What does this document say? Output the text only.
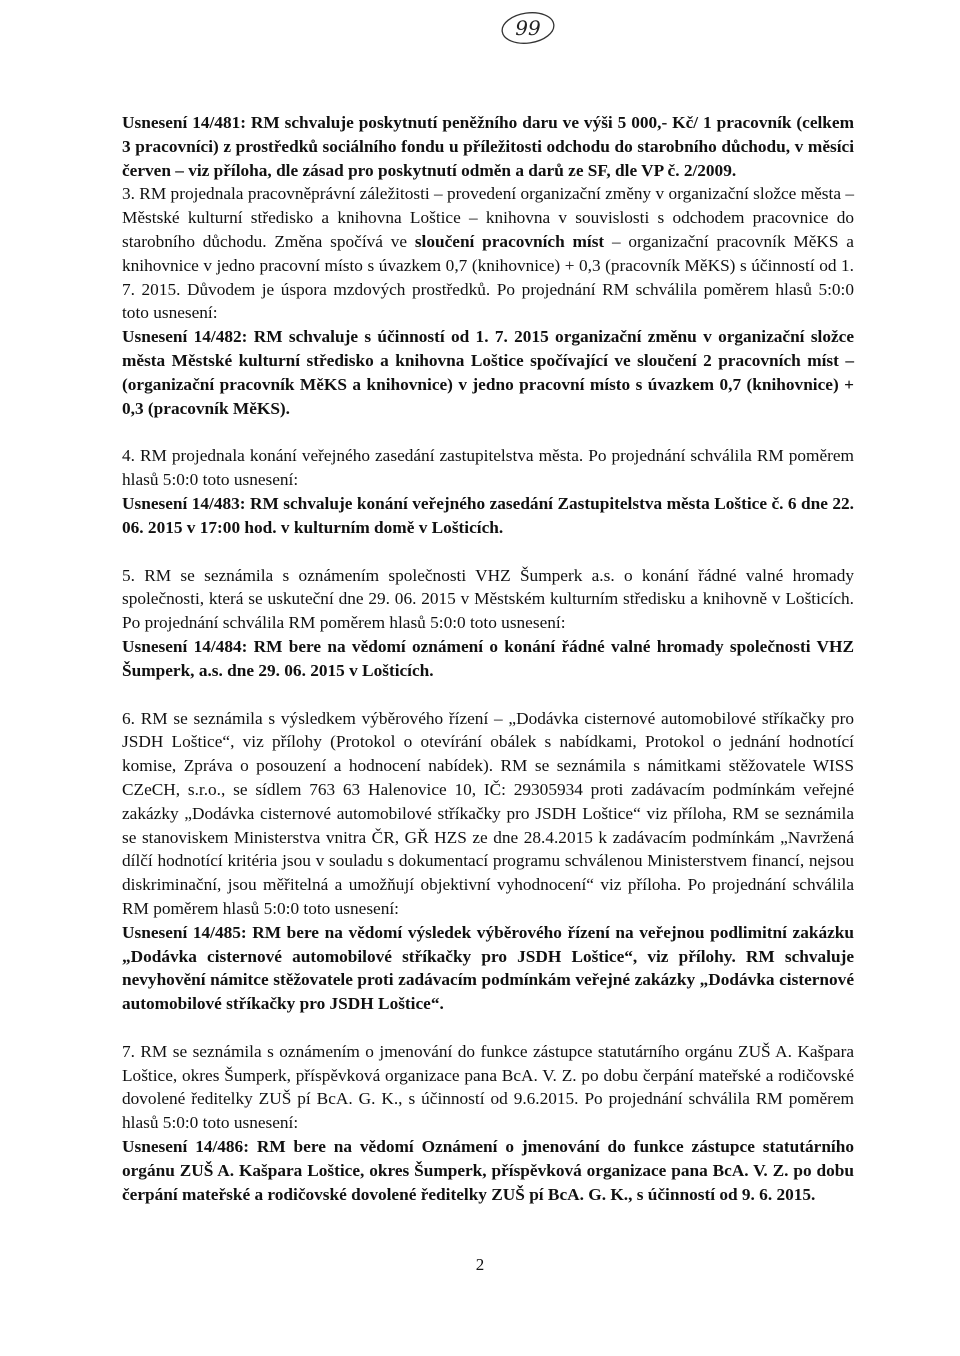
99

Usnesení 14/481: RM schvaluje poskytnutí peněžního daru ve výši 5 000,- Kč/ 1 pracovník (celkem 3 pracovníci) z prostředků sociálního fondu u příležitosti odchodu do starobního důchodu, v měsíci červen – viz příloha, dle zásad pro poskytnutí odměn a darů ze SF, dle VP č. 2/2009.

3. RM projednala pracovněprávní záležitosti – provedení organizační změny v organizační složce města – Městské kulturní středisko a knihovna Loštice – knihovna v souvislosti s odchodem pracovnice do starobního důchodu. Změna spočívá ve sloučení pracovních míst – organizační pracovník MěKS a knihovnice v jedno pracovní místo s úvazkem 0,7 (knihovnice) + 0,3 (pracovník MěKS) s účinností od 1. 7. 2015. Důvodem je úspora mzdových prostředků. Po projednání RM schválila poměrem hlasů 5:0:0 toto usnesení:

Usnesení 14/482: RM schvaluje s účinností od 1. 7. 2015 organizační změnu v organizační složce města Městské kulturní středisko a knihovna Loštice spočívající ve sloučení 2 pracovních míst – (organizační pracovník MěKS a knihovnice) v jedno pracovní místo s úvazkem 0,7 (knihovnice) + 0,3 (pracovník MěKS).

4. RM projednala konání veřejného zasedání zastupitelstva města. Po projednání schválila RM poměrem hlasů 5:0:0 toto usnesení:

Usnesení 14/483: RM schvaluje konání veřejného zasedání Zastupitelstva města Loštice č. 6 dne 22. 06. 2015 v 17:00 hod. v kulturním domě v Lošticích.

5. RM se seznámila s oznámením společnosti VHZ Šumperk a.s. o konání řádné valné hromady společnosti, která se uskuteční dne 29. 06. 2015 v Městském kulturním středisku a knihovně v Lošticích. Po projednání schválila RM poměrem hlasů 5:0:0 toto usnesení:

Usnesení 14/484: RM bere na vědomí oznámení o konání řádné valné hromady společnosti VHZ Šumperk, a.s. dne 29. 06. 2015 v Lošticích.

6. RM se seznámila s výsledkem výběrového řízení – „Dodávka cisternové automobilové stříkačky pro JSDH Loštice“, viz přílohy (Protokol o otevírání obálek s nabídkami, Protokol o jednání hodnotící komise, Zpráva o posouzení a hodnocení nabídek). RM se seznámila s námitkami stěžovatele WISS CZeCH, s.r.o., se sídlem 763 63 Halenovice 10, IČ: 29305934 proti zadávacím podmínkám veřejné zakázky „Dodávka cisternové automobilové stříkačky pro JSDH Loštice“ viz příloha, RM se seznámila se stanoviskem Ministerstva vnitra ČR, GŘ HZS ze dne 28.4.2015 k zadávacím podmínkám „Navržená dílčí hodnotící kritéria jsou v souladu s dokumentací programu schválenou Ministerstvem financí, nejsou diskriminační, jsou měřitelná a umožňují objektivní vyhodnocení“ viz příloha. Po projednání schválila RM poměrem hlasů 5:0:0 toto usnesení:

Usnesení 14/485: RM bere na vědomí výsledek výběrového řízení na veřejnou podlimitní zakázku „Dodávka cisternové automobilové stříkačky pro JSDH Loštice“, viz přílohy. RM schvaluje nevyhovění námitce stěžovatele proti zadávacím podmínkám veřejné zakázky „Dodávka cisternové automobilové stříkačky pro JSDH Loštice“.

7. RM se seznámila s oznámením o jmenování do funkce zástupce statutárního orgánu ZUŠ A. Kašpara Loštice, okres Šumperk, příspěvková organizace pana BcA. V. Z. po dobu čerpání mateřské a rodičovské dovolené ředitelky ZUŠ pí BcA. G. K., s účinností od 9.6.2015. Po projednání schválila RM poměrem hlasů 5:0:0 toto usnesení:

Usnesení 14/486: RM bere na vědomí Oznámení o jmenování do funkce zástupce statutárního orgánu ZUŠ A. Kašpara Loštice, okres Šumperk, příspěvková organizace pana BcA. V. Z. po dobu čerpání mateřské a rodičovské dovolené ředitelky ZUŠ pí BcA. G. K., s účinností od 9. 6. 2015.

2
